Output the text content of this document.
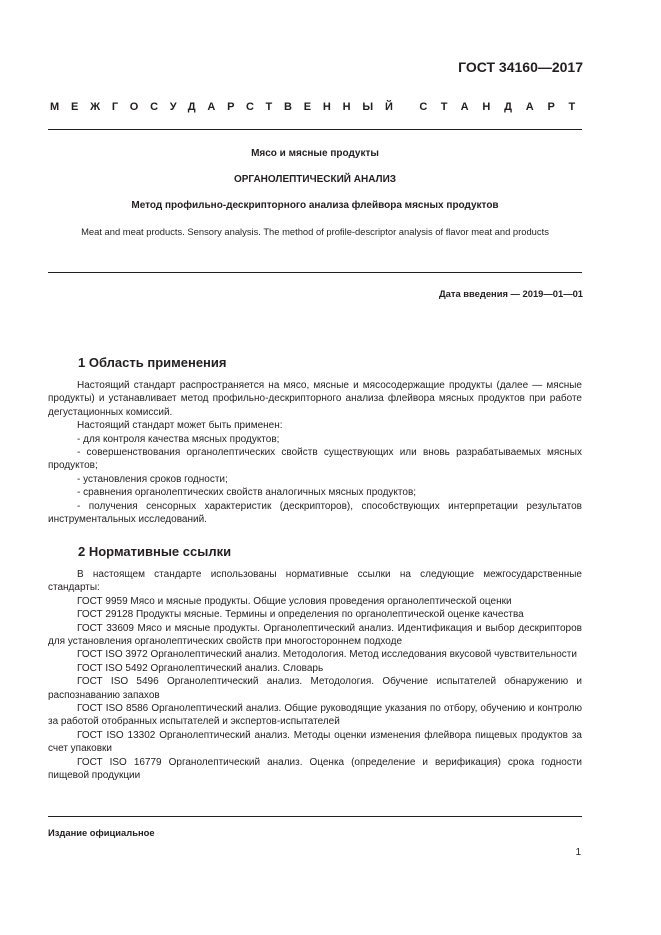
ГОСТ 34160—2017
МЕЖГОСУДАРСТВЕННЫЙ СТАНДАРТ
Мясо и мясные продукты
ОРГАНОЛЕПТИЧЕСКИЙ АНАЛИЗ
Метод профильно-дескрипторного анализа флейвора мясных продуктов
Meat and meat products. Sensory analysis. The method of profile-descriptor analysis of flavor meat and products
Дата введения — 2019—01—01
1 Область применения

Настоящий стандарт распространяется на мясо, мясные и мясосодержащие продукты (далее — мясные продукты) и устанавливает метод профильно-дескрипторного анализа флейвора мясных продуктов при работе дегустационных комиссий.

Настоящий стандарт может быть применен:

- для контроля качества мясных продуктов;

- совершенствования органолептических свойств существующих или вновь разрабатываемых мясных продуктов;

- установления сроков годности;

- сравнения органолептических свойств аналогичных мясных продуктов;

- получения сенсорных характеристик (дескрипторов), способствующих интерпретации результатов инструментальных исследований.

2 Нормативные ссылки

В настоящем стандарте использованы нормативные ссылки на следующие межгосударственные стандарты:

ГОСТ 9959 Мясо и мясные продукты. Общие условия проведения органолептической оценки

ГОСТ 29128 Продукты мясные. Термины и определения по органолептической оценке качества

ГОСТ 33609 Мясо и мясные продукты. Органолептический анализ. Идентификация и выбор дескрипторов для установления органолептических свойств при многостороннем подходе

ГОСТ ISO 3972 Органолептический анализ. Методология. Метод исследования вкусовой чувствительности

ГОСТ ISO 5492 Органолептический анализ. Словарь

ГОСТ ISO 5496 Органолептический анализ. Методология. Обучение испытателей обнаружению и распознаванию запахов

ГОСТ ISO 8586 Органолептический анализ. Общие руководящие указания по отбору, обучению и контролю за работой отобранных испытателей и экспертов-испытателей

ГОСТ ISO 13302 Органолептический анализ. Методы оценки изменения флейвора пищевых продуктов за счет упаковки

ГОСТ ISO 16779 Органолептический анализ. Оценка (определение и верификация) срока годности пищевой продукции

Издание официальное
1
